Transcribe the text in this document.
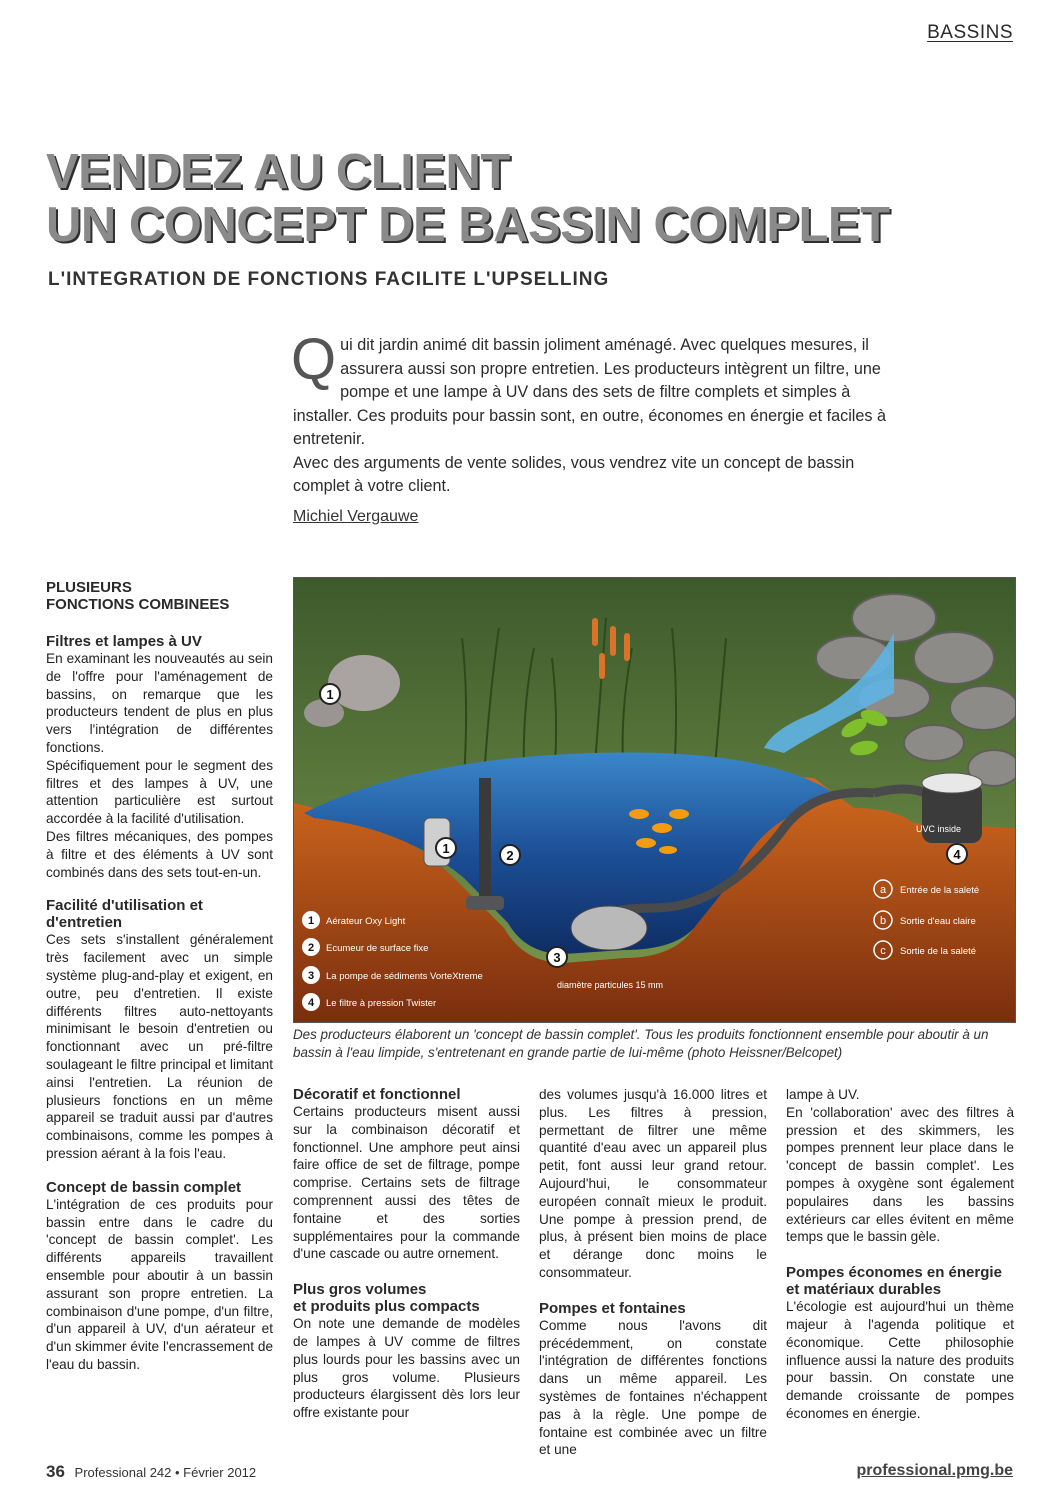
BASSINS
VENDEZ AU CLIENT
UN CONCEPT DE BASSIN COMPLET
L'INTEGRATION DE FONCTIONS FACILITE L'UPSELLING
Q ui dit jardin animé dit bassin joliment aménagé. Avec quelques mesures, il assurera aussi son propre entretien. Les producteurs intègrent un filtre, une pompe et une lampe à UV dans des sets de filtre complets et simples à installer. Ces produits pour bassin sont, en outre, économes en énergie et faciles à entretenir.

Avec des arguments de vente solides, vous vendrez vite un concept de bassin complet à votre client.

Michiel Vergauwe
PLUSIEURS
FONCTIONS COMBINEES
Filtres et lampes à UV

En examinant les nouveautés au sein de l'offre pour l'aménagement de bassins, on remarque que les producteurs tendent de plus en plus vers l'intégration de différentes fonctions.

Spécifiquement pour le segment des filtres et des lampes à UV, une attention particulière est surtout accordée à la facilité d'utilisation.

Des filtres mécaniques, des pompes à filtre et des éléments à UV sont combinés dans des sets tout-en-un.

Facilité d'utilisation et d'entretien

Ces sets s'installent généralement très facilement avec un simple système plug-and-play et exigent, en outre, peu d'entretien. Il existe différents filtres auto-nettoyants minimisant le besoin d'entretien ou fonctionnant avec un pré-filtre soulageant le filtre principal et limitant ainsi l'entretien. La réunion de plusieurs fonctions en un même appareil se traduit aussi par d'autres combinaisons, comme les pompes à pression aérant à la fois l'eau.

Concept de bassin complet

L'intégration de ces produits pour bassin entre dans le cadre du 'concept de bassin complet'. Les différents appareils travaillent ensemble pour aboutir à un bassin assurant son propre entretien. La combinaison d'une pompe, d'un filtre, d'un appareil à UV, d'un aérateur et d'un skimmer évite l'encrassement de l'eau du bassin.

1
1	2
3
4
UVC inside
diamètre particules 15 mm
1 Aérateur Oxy Light
2 Ecumeur de surface fixe
3 La pompe de sédiments VorteXtreme
4 Le filtre à pression Twister
a Entrée de la saleté
b Sortie d'eau claire
c Sortie de la saleté
Des producteurs élaborent un 'concept de bassin complet'. Tous les produits fonctionnent ensemble pour aboutir à un bassin à l'eau limpide, s'entretenant en grande partie de lui-même (photo Heissner/Belcopet)
Décoratif et fonctionnel

Certains producteurs misent aussi sur la combinaison décoratif et fonctionnel. Une amphore peut ainsi faire office de set de filtrage, pompe comprise. Certains sets de filtrage comprennent aussi des têtes de fontaine et des sorties supplémentaires pour la commande d'une cascade ou autre ornement.

Plus gros volumes
et produits plus compacts

On note une demande de modèles de lampes à UV comme de filtres plus lourds pour les bassins avec un plus gros volume. Plusieurs producteurs élargissent dès lors leur offre existante pour

des volumes jusqu'à 16.000 litres et plus. Les filtres à pression, permettant de filtrer une même quantité d'eau avec un appareil plus petit, font aussi leur grand retour. Aujourd'hui, le consommateur européen connaît mieux le produit. Une pompe à pression prend, de plus, à présent bien moins de place et dérange donc moins le consommateur.

Pompes et fontaines

Comme nous l'avons dit précédemment, on constate l'intégration de différentes fonctions dans un même appareil. Les systèmes de fontaines n'échappent pas à la règle. Une pompe de fontaine est combinée avec un filtre et une

lampe à UV.

En 'collaboration' avec des filtres à pression et des skimmers, les pompes prennent leur place dans le 'concept de bassin complet'. Les pompes à oxygène sont également populaires dans les bassins extérieurs car elles évitent en même temps que le bassin gèle.

Pompes économes en énergie
et matériaux durables

L'écologie est aujourd'hui un thème majeur à l'agenda politique et économique. Cette philosophie influence aussi la nature des produits pour bassin. On constate une demande croissante de pompes économes en énergie.

36 Professional 242 • Février 2012	professional.pmg.be
